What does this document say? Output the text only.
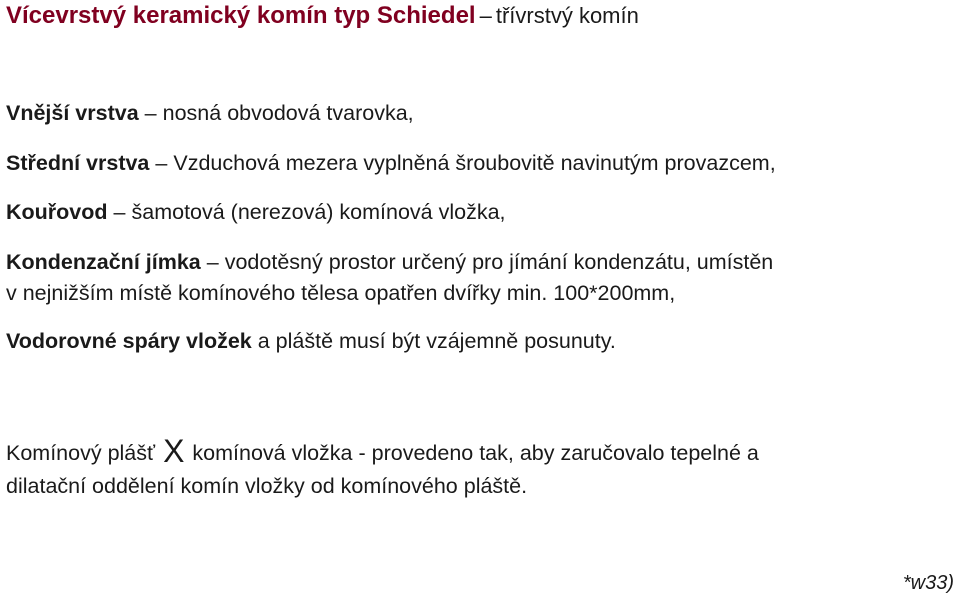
Vícevrstvý keramický komín typ Schiedel – třívrstvý komín
Vnější vrstva – nosná obvodová tvarovka,
Střední vrstva – Vzduchová mezera vyplněná šroubovitě navinutým provazcem,
Kouřovod – šamotová (nerezová) komínová vložka,
Kondenzační jímka – vodotěsný prostor určený pro jímání kondenzátu, umístěn
v nejnižším místě komínového tělesa opatřen dvířky min. 100*200mm,
Vodorovné spáry vložek a pláště musí být vzájemně posunuty.
Komínový plášť X komínová vložka - provedeno tak, aby zaručovalo tepelné a
dilatační oddělení komín vložky od komínového pláště.
*w33)
